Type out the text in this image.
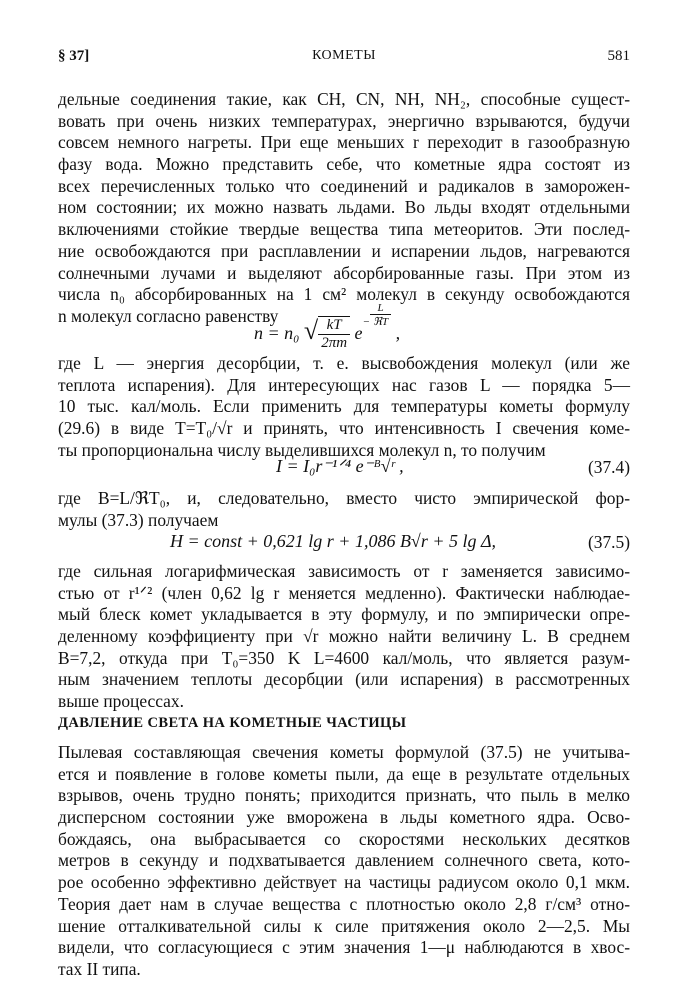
§ 37]	КОМЕТЫ	581
дельные соединения такие, как CH, CN, NH, NH₂, способные сущест-
вовать при очень низких температурах, энергично взрываются, будучи
совсем немного нагреты. При еще меньших r переходит в газообразную
фазу вода. Можно представить себе, что кометные ядра состоят из
всех перечисленных только что соединений и радикалов в заморожен-
ном состоянии; их можно назвать льдами. Во льды входят отдельными
включениями стойкие твердые вещества типа метеоритов. Эти послед-
ние освобождаются при расплавлении и испарении льдов, нагреваются
солнечными лучами и выделяют абсорбированные газы. При этом из
числа n₀ абсорбированных на 1 см² молекул в секунду освобождаются
n молекул согласно равенству
n = n₀ √ $\frac{kT}{2\pi m} e^- \frac{L}{\text{ℜT}}$
,
где L — энергия десорбции, т. е. высвобождения молекул (или же
теплота испарения). Для интересующих нас газов L — порядка 5—
10 тыс. кал/моль. Если применить для температуры кометы формулу
(29.6) в виде T=T₀/√r и принять, что интенсивность I свечения коме-
ты пропорциональна числу выделившихся молекул n, то получим
I = I₀r⁻¹ᐟ⁴ e⁻ᴮ√ʳ ,	(37.4)
где B=L/ℜT₀, и, следовательно, вместо чисто эмпирической фор-
мулы (37.3) получаем
H = const + 0,621 lg r + 1,086 B√r + 5 lg Δ,	(37.5)
где сильная логарифмическая зависимость от r заменяется зависимо-
стью от r¹ᐟ² (член 0,62 lg r меняется медленно). Фактически наблюдае-
мый блеск комет укладывается в эту формулу, и по эмпирически опре-
деленному коэффициенту при √r можно найти величину L. В среднем
B=7,2, откуда при T₀=350 K L=4600 кал/моль, что является разум-
ным значением теплоты десорбции (или испарения) в рассмотренных
выше процессах.
ДАВЛЕНИЕ СВЕТА НА КОМЕТНЫЕ ЧАСТИЦЫ
Пылевая составляющая свечения кометы формулой (37.5) не учитыва-
ется и появление в голове кометы пыли, да еще в результате отдельных
взрывов, очень трудно понять; приходится признать, что пыль в мелко
дисперсном состоянии уже вморожена в льды кометного ядра. Осво-
бождаясь, она выбрасывается со скоростями нескольких десятков
метров в секунду и подхватывается давлением солнечного света, кото-
рое особенно эффективно действует на частицы радиусом около 0,1 мкм.
Теория дает нам в случае вещества с плотностью около 2,8 г/см³ отно-
шение отталкивательной силы к силе притяжения около 2—2,5. Мы
видели, что согласующиеся с этим значения 1—μ наблюдаются в хвос-
тах II типа.
